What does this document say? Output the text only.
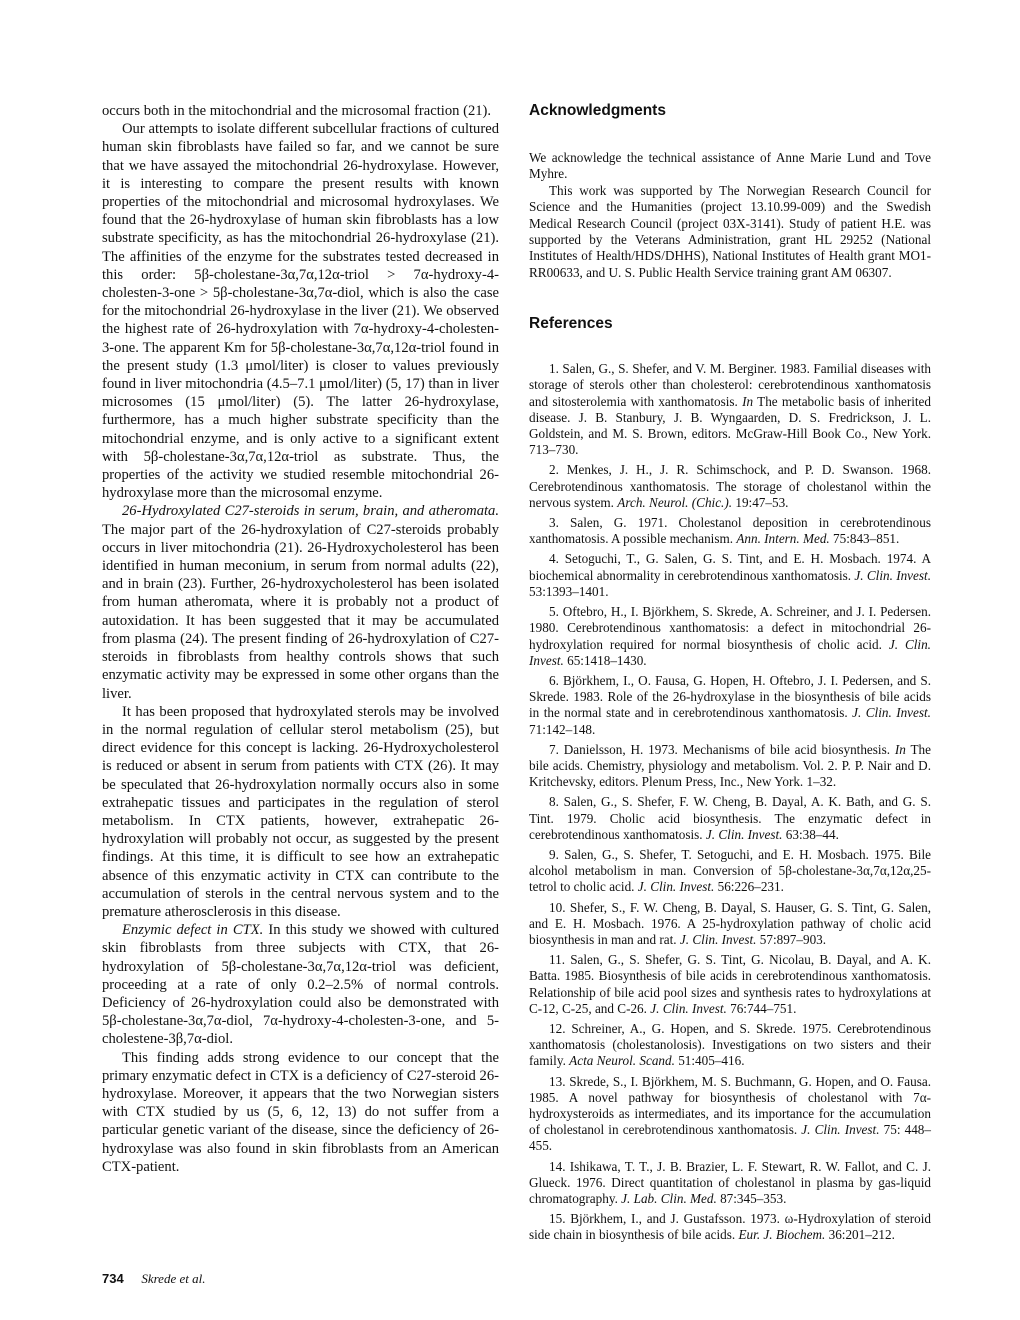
occurs both in the mitochondrial and the microsomal fraction (21).

Our attempts to isolate different subcellular fractions of cultured human skin fibroblasts have failed so far, and we cannot be sure that we have assayed the mitochondrial 26-hydroxylase. However, it is interesting to compare the present results with known properties of the mitochondrial and microsomal hydroxylases. We found that the 26-hydroxylase of human skin fibroblasts has a low substrate specificity, as has the mitochondrial 26-hydroxylase (21). The affinities of the enzyme for the substrates tested decreased in this order: 5β-cholestane-3α,7α,12α-triol > 7α-hydroxy-4-cholesten-3-one > 5β-cholestane-3α,7α-diol, which is also the case for the mitochondrial 26-hydroxylase in the liver (21). We observed the highest rate of 26-hydroxylation with 7α-hydroxy-4-cholesten-3-one. The apparent Km for 5β-cholestane-3α,7α,12α-triol found in the present study (1.3 μmol/liter) is closer to values previously found in liver mitochondria (4.5–7.1 μmol/liter) (5, 17) than in liver microsomes (15 μmol/liter) (5). The latter 26-hydroxylase, furthermore, has a much higher substrate specificity than the mitochondrial enzyme, and is only active to a significant extent with 5β-cholestane-3α,7α,12α-triol as substrate. Thus, the properties of the activity we studied resemble mitochondrial 26-hydroxylase more than the microsomal enzyme.

26-Hydroxylated C27-steroids in serum, brain, and atheromata. The major part of the 26-hydroxylation of C27-steroids probably occurs in liver mitochondria (21). 26-Hydroxycholesterol has been identified in human meconium, in serum from normal adults (22), and in brain (23). Further, 26-hydroxycholesterol has been isolated from human atheromata, where it is probably not a product of autoxidation. It has been suggested that it may be accumulated from plasma (24). The present finding of 26-hydroxylation of C27-steroids in fibroblasts from healthy controls shows that such enzymatic activity may be expressed in some other organs than the liver.

It has been proposed that hydroxylated sterols may be involved in the normal regulation of cellular sterol metabolism (25), but direct evidence for this concept is lacking. 26-Hydroxycholesterol is reduced or absent in serum from patients with CTX (26). It may be speculated that 26-hydroxylation normally occurs also in some extrahepatic tissues and participates in the regulation of sterol metabolism. In CTX patients, however, extrahepatic 26-hydroxylation will probably not occur, as suggested by the present findings. At this time, it is difficult to see how an extrahepatic absence of this enzymatic activity in CTX can contribute to the accumulation of sterols in the central nervous system and to the premature atherosclerosis in this disease.

Enzymic defect in CTX. In this study we showed with cultured skin fibroblasts from three subjects with CTX, that 26-hydroxylation of 5β-cholestane-3α,7α,12α-triol was deficient, proceeding at a rate of only 0.2–2.5% of normal controls. Deficiency of 26-hydroxylation could also be demonstrated with 5β-cholestane-3α,7α-diol, 7α-hydroxy-4-cholesten-3-one, and 5-cholestene-3β,7α-diol.

This finding adds strong evidence to our concept that the primary enzymatic defect in CTX is a deficiency of C27-steroid 26-hydroxylase. Moreover, it appears that the two Norwegian sisters with CTX studied by us (5, 6, 12, 13) do not suffer from a particular genetic variant of the disease, since the deficiency of 26-hydroxylase was also found in skin fibroblasts from an American CTX-patient.

Acknowledgments

We acknowledge the technical assistance of Anne Marie Lund and Tove Myhre.

This work was supported by The Norwegian Research Council for Science and the Humanities (project 13.10.99-009) and the Swedish Medical Research Council (project 03X-3141). Study of patient H.E. was supported by the Veterans Administration, grant HL 29252 (National Institutes of Health/HDS/DHHS), National Institutes of Health grant MO1-RR00633, and U. S. Public Health Service training grant AM 06307.

References

1. Salen, G., S. Shefer, and V. M. Berginer. 1983. Familial diseases with storage of sterols other than cholesterol: cerebrotendinous xanthomatosis and sitosterolemia with xanthomatosis. In The metabolic basis of inherited disease. J. B. Stanbury, J. B. Wyngaarden, D. S. Fredrickson, J. L. Goldstein, and M. S. Brown, editors. McGraw-Hill Book Co., New York. 713–730.

2. Menkes, J. H., J. R. Schimschock, and P. D. Swanson. 1968. Cerebrotendinous xanthomatosis. The storage of cholestanol within the nervous system. Arch. Neurol. (Chic.). 19:47–53.

3. Salen, G. 1971. Cholestanol deposition in cerebrotendinous xanthomatosis. A possible mechanism. Ann. Intern. Med. 75:843–851.

4. Setoguchi, T., G. Salen, G. S. Tint, and E. H. Mosbach. 1974. A biochemical abnormality in cerebrotendinous xanthomatosis. J. Clin. Invest. 53:1393–1401.

5. Oftebro, H., I. Björkhem, S. Skrede, A. Schreiner, and J. I. Pedersen. 1980. Cerebrotendinous xanthomatosis: a defect in mitochondrial 26-hydroxylation required for normal biosynthesis of cholic acid. J. Clin. Invest. 65:1418–1430.

6. Björkhem, I., O. Fausa, G. Hopen, H. Oftebro, J. I. Pedersen, and S. Skrede. 1983. Role of the 26-hydroxylase in the biosynthesis of bile acids in the normal state and in cerebrotendinous xanthomatosis. J. Clin. Invest. 71:142–148.

7. Danielsson, H. 1973. Mechanisms of bile acid biosynthesis. In The bile acids. Chemistry, physiology and metabolism. Vol. 2. P. P. Nair and D. Kritchevsky, editors. Plenum Press, Inc., New York. 1–32.

8. Salen, G., S. Shefer, F. W. Cheng, B. Dayal, A. K. Bath, and G. S. Tint. 1979. Cholic acid biosynthesis. The enzymatic defect in cerebrotendinous xanthomatosis. J. Clin. Invest. 63:38–44.

9. Salen, G., S. Shefer, T. Setoguchi, and E. H. Mosbach. 1975. Bile alcohol metabolism in man. Conversion of 5β-cholestane-3α,7α,12α,25-tetrol to cholic acid. J. Clin. Invest. 56:226–231.

10. Shefer, S., F. W. Cheng, B. Dayal, S. Hauser, G. S. Tint, G. Salen, and E. H. Mosbach. 1976. A 25-hydroxylation pathway of cholic acid biosynthesis in man and rat. J. Clin. Invest. 57:897–903.

11. Salen, G., S. Shefer, G. S. Tint, G. Nicolau, B. Dayal, and A. K. Batta. 1985. Biosynthesis of bile acids in cerebrotendinous xanthomatosis. Relationship of bile acid pool sizes and synthesis rates to hydroxylations at C-12, C-25, and C-26. J. Clin. Invest. 76:744–751.

12. Schreiner, A., G. Hopen, and S. Skrede. 1975. Cerebrotendinous xanthomatosis (cholestanolosis). Investigations on two sisters and their family. Acta Neurol. Scand. 51:405–416.

13. Skrede, S., I. Björkhem, M. S. Buchmann, G. Hopen, and O. Fausa. 1985. A novel pathway for biosynthesis of cholestanol with 7α-hydroxysteroids as intermediates, and its importance for the accumulation of cholestanol in cerebrotendinous xanthomatosis. J. Clin. Invest. 75: 448–455.

14. Ishikawa, T. T., J. B. Brazier, L. F. Stewart, R. W. Fallot, and C. J. Glueck. 1976. Direct quantitation of cholestanol in plasma by gas-liquid chromatography. J. Lab. Clin. Med. 87:345–353.

15. Björkhem, I., and J. Gustafsson. 1973. ω-Hydroxylation of steroid side chain in biosynthesis of bile acids. Eur. J. Biochem. 36:201–212.

734 Skrede et al.
